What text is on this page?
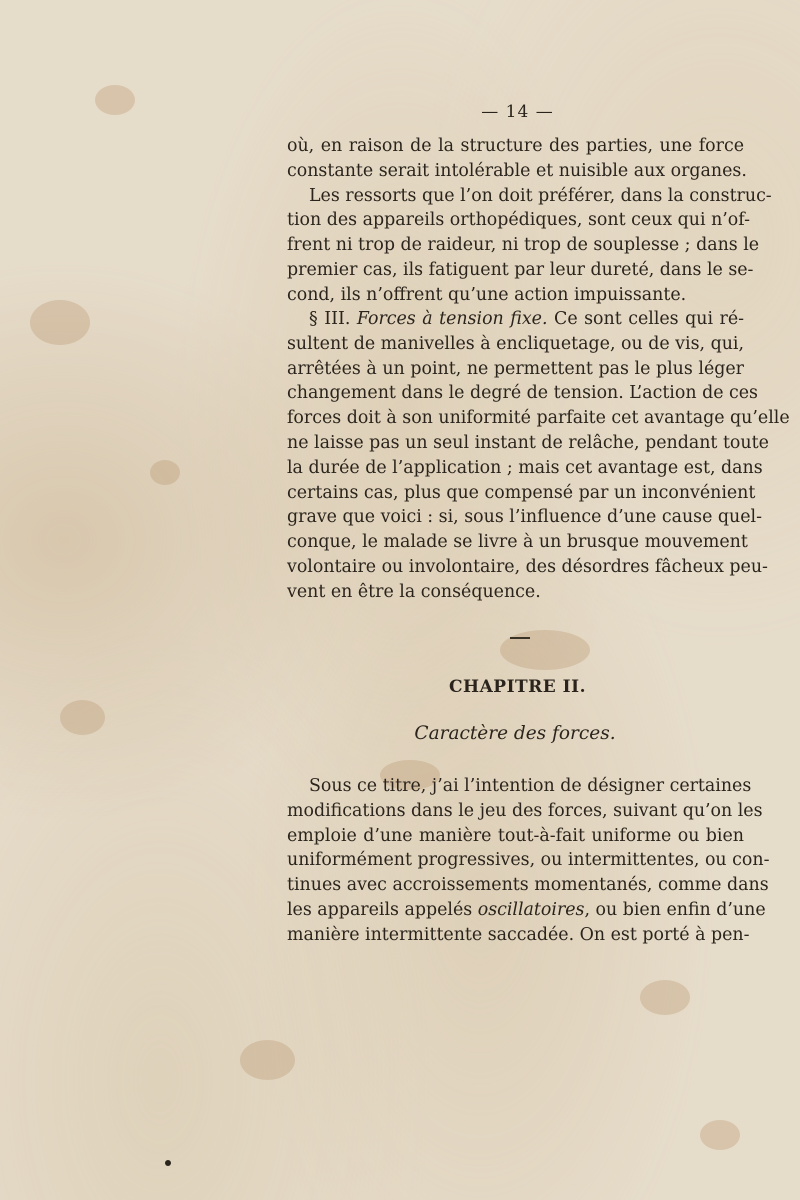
— 14 —
où, en raison de la structure des parties, une force
constante serait intolérable et nuisible aux organes.
Les ressorts que l’on doit préférer, dans la construc-
tion des appareils orthopédiques, sont ceux qui n’of-
frent ni trop de raideur, ni trop de souplesse ; dans le
premier cas, ils fatiguent par leur dureté, dans le se-
cond, ils n’offrent qu’une action impuissante.
§ III. Forces à tension fixe. Ce sont celles qui ré-
sultent de manivelles à encliquetage, ou de vis, qui,
arrêtées à un point, ne permettent pas le plus léger
changement dans le degré de tension. L’action de ces
forces doit à son uniformité parfaite cet avantage qu’elle
ne laisse pas un seul instant de relâche, pendant toute
la durée de l’application ; mais cet avantage est, dans
certains cas, plus que compensé par un inconvénient
grave que voici : si, sous l’influence d’une cause quel-
conque, le malade se livre à un brusque mouvement
volontaire ou involontaire, des désordres fâcheux peu-
vent en être la conséquence.
CHAPITRE II.
Caractère des forces.
Sous ce titre, j’ai l’intention de désigner certaines
modifications dans le jeu des forces, suivant qu’on les
emploie d’une manière tout-à-fait uniforme ou bien
uniformément progressives, ou intermittentes, ou con-
tinues avec accroissements momentanés, comme dans
les appareils appelés oscillatoires, ou bien enfin d’une
manière intermittente saccadée. On est porté à pen-
